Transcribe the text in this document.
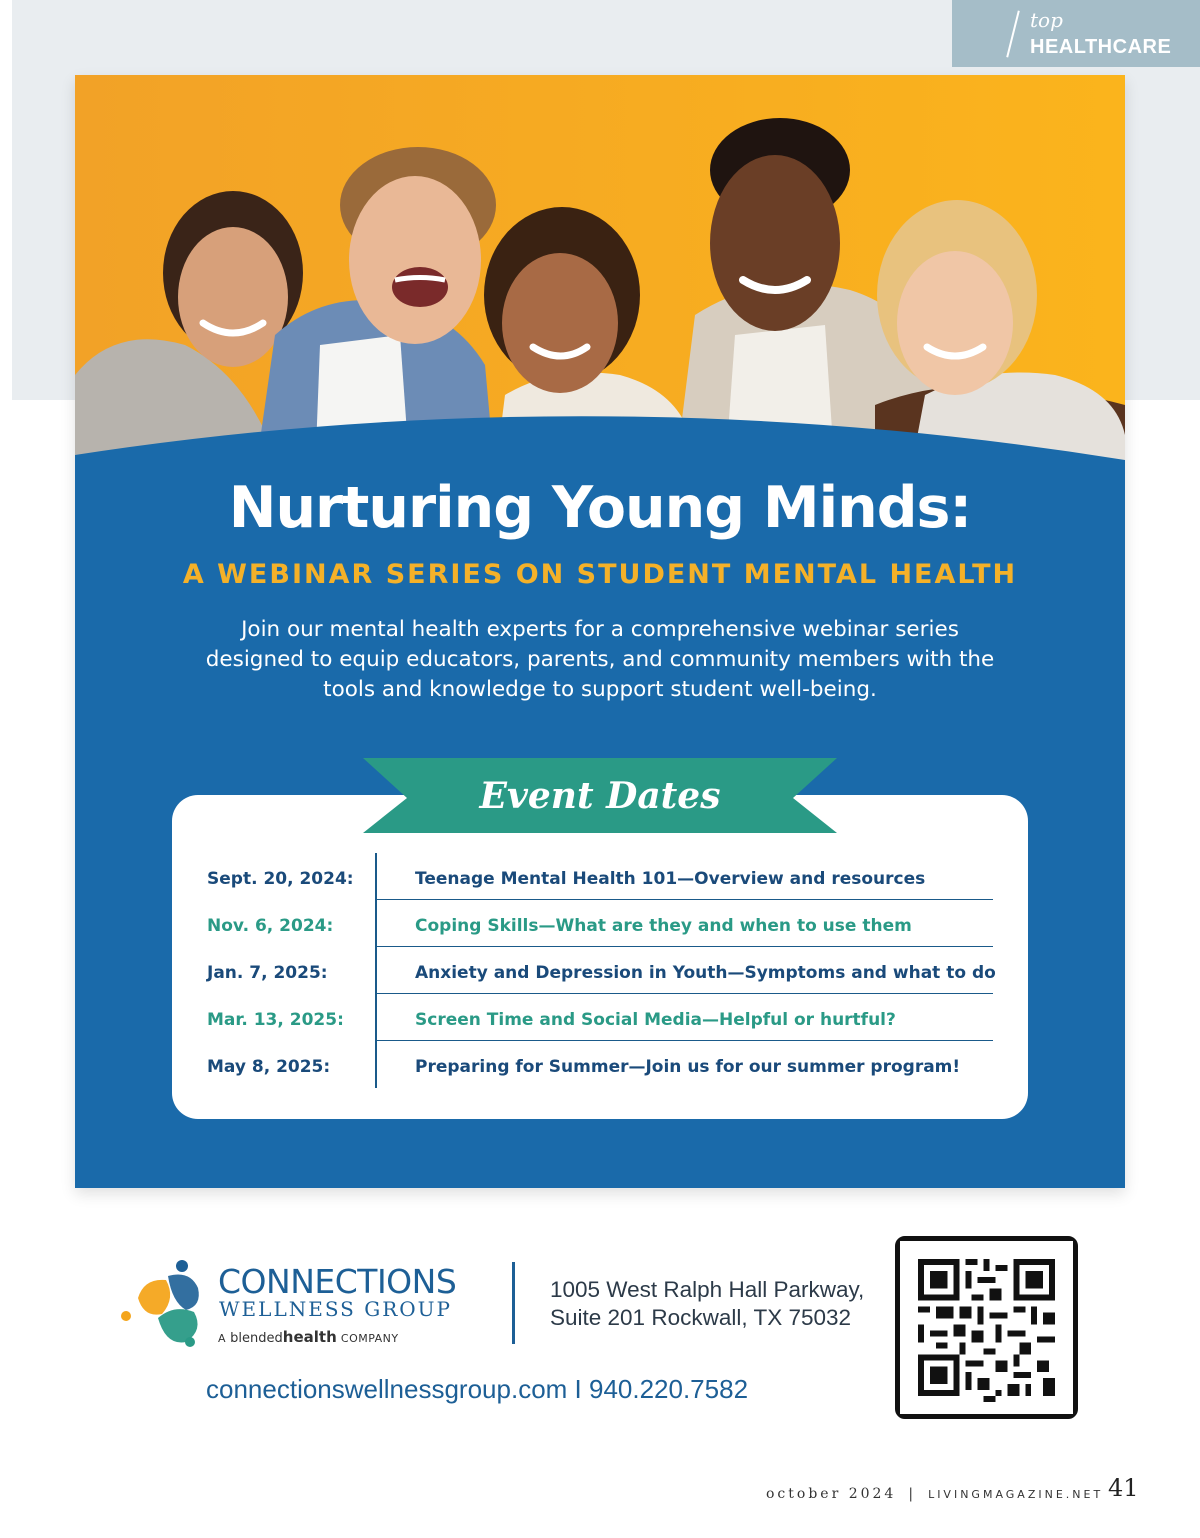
top
HEALTHCARE
Nurturing Young Minds:
A WEBINAR SERIES ON STUDENT MENTAL HEALTH
Join our mental health experts for a comprehensive webinar series designed to equip educators, parents, and community members with the tools and knowledge to support student well-being.
Event Dates
Sept. 20, 2024:	Teenage Mental Health 101—Overview and resources
Nov. 6, 2024:	Coping Skills—What are they and when to use them
Jan. 7, 2025:	Anxiety and Depression in Youth—Symptoms and what to do
Mar. 13, 2025:	Screen Time and Social Media—Helpful or hurtful?
May 8, 2025:	Preparing for Summer—Join us for our summer program!
CONNECTIONS
WELLNESS GROUP
A blendedhealth COMPANY
1005 West Ralph Hall Parkway,
Suite 201 Rockwall, TX 75032
connectionswellnessgroup.com I 940.220.7582
october 2024 | LIVINGMAGAZINE.NET 41
